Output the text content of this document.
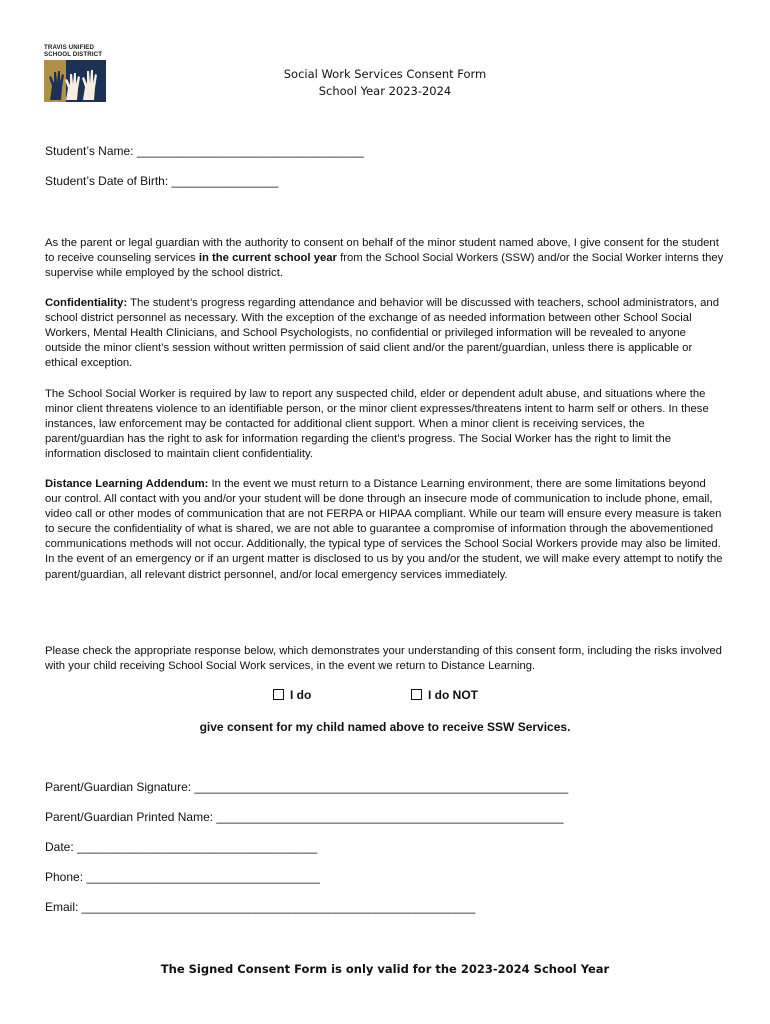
TRAVIS UNIFIED
SCHOOL DISTRICT
Social Work Services Consent Form
School Year 2023-2024
Student’s Name: __________________________________
Student’s Date of Birth: ________________
As the parent or legal guardian with the authority to consent on behalf of the minor student named above, I give consent for the student to receive counseling services in the current school year from the School Social Workers (SSW) and/or the Social Worker interns they supervise while employed by the school district.
Confidentiality: The student’s progress regarding attendance and behavior will be discussed with teachers, school administrators, and school district personnel as necessary. With the exception of the exchange of as needed information between other School Social Workers, Mental Health Clinicians, and School Psychologists, no confidential or privileged information will be revealed to anyone outside the minor client’s session without written permission of said client and/or the parent/guardian, unless there is applicable or ethical exception.
The School Social Worker is required by law to report any suspected child, elder or dependent adult abuse, and situations where the minor client threatens violence to an identifiable person, or the minor client expresses/threatens intent to harm self or others. In these instances, law enforcement may be contacted for additional client support. When a minor client is receiving services, the parent/guardian has the right to ask for information regarding the client’s progress. The Social Worker has the right to limit the information disclosed to maintain client confidentiality.
Distance Learning Addendum: In the event we must return to a Distance Learning environment, there are some limitations beyond our control. All contact with you and/or your student will be done through an insecure mode of communication to include phone, email, video call or other modes of communication that are not FERPA or HIPAA compliant. While our team will ensure every measure is taken to secure the confidentiality of what is shared, we are not able to guarantee a compromise of information through the abovementioned communications methods will not occur. Additionally, the typical type of services the School Social Workers provide may also be limited. In the event of an emergency or if an urgent matter is disclosed to us by you and/or the student, we will make every attempt to notify the parent/guardian, all relevant district personnel, and/or local emergency services immediately.
Please check the appropriate response below, which demonstrates your understanding of this consent form, including the risks involved with your child receiving School Social Work services, in the event we return to Distance Learning.
I do	I do NOT
give consent for my child named above to receive SSW Services.
Parent/Guardian Signature: ________________________________________________________
Parent/Guardian Printed Name: ____________________________________________________
Date: ____________________________________
Phone: ___________________________________
Email: ___________________________________________________________
The Signed Consent Form is only valid for the 2023-2024 School Year
